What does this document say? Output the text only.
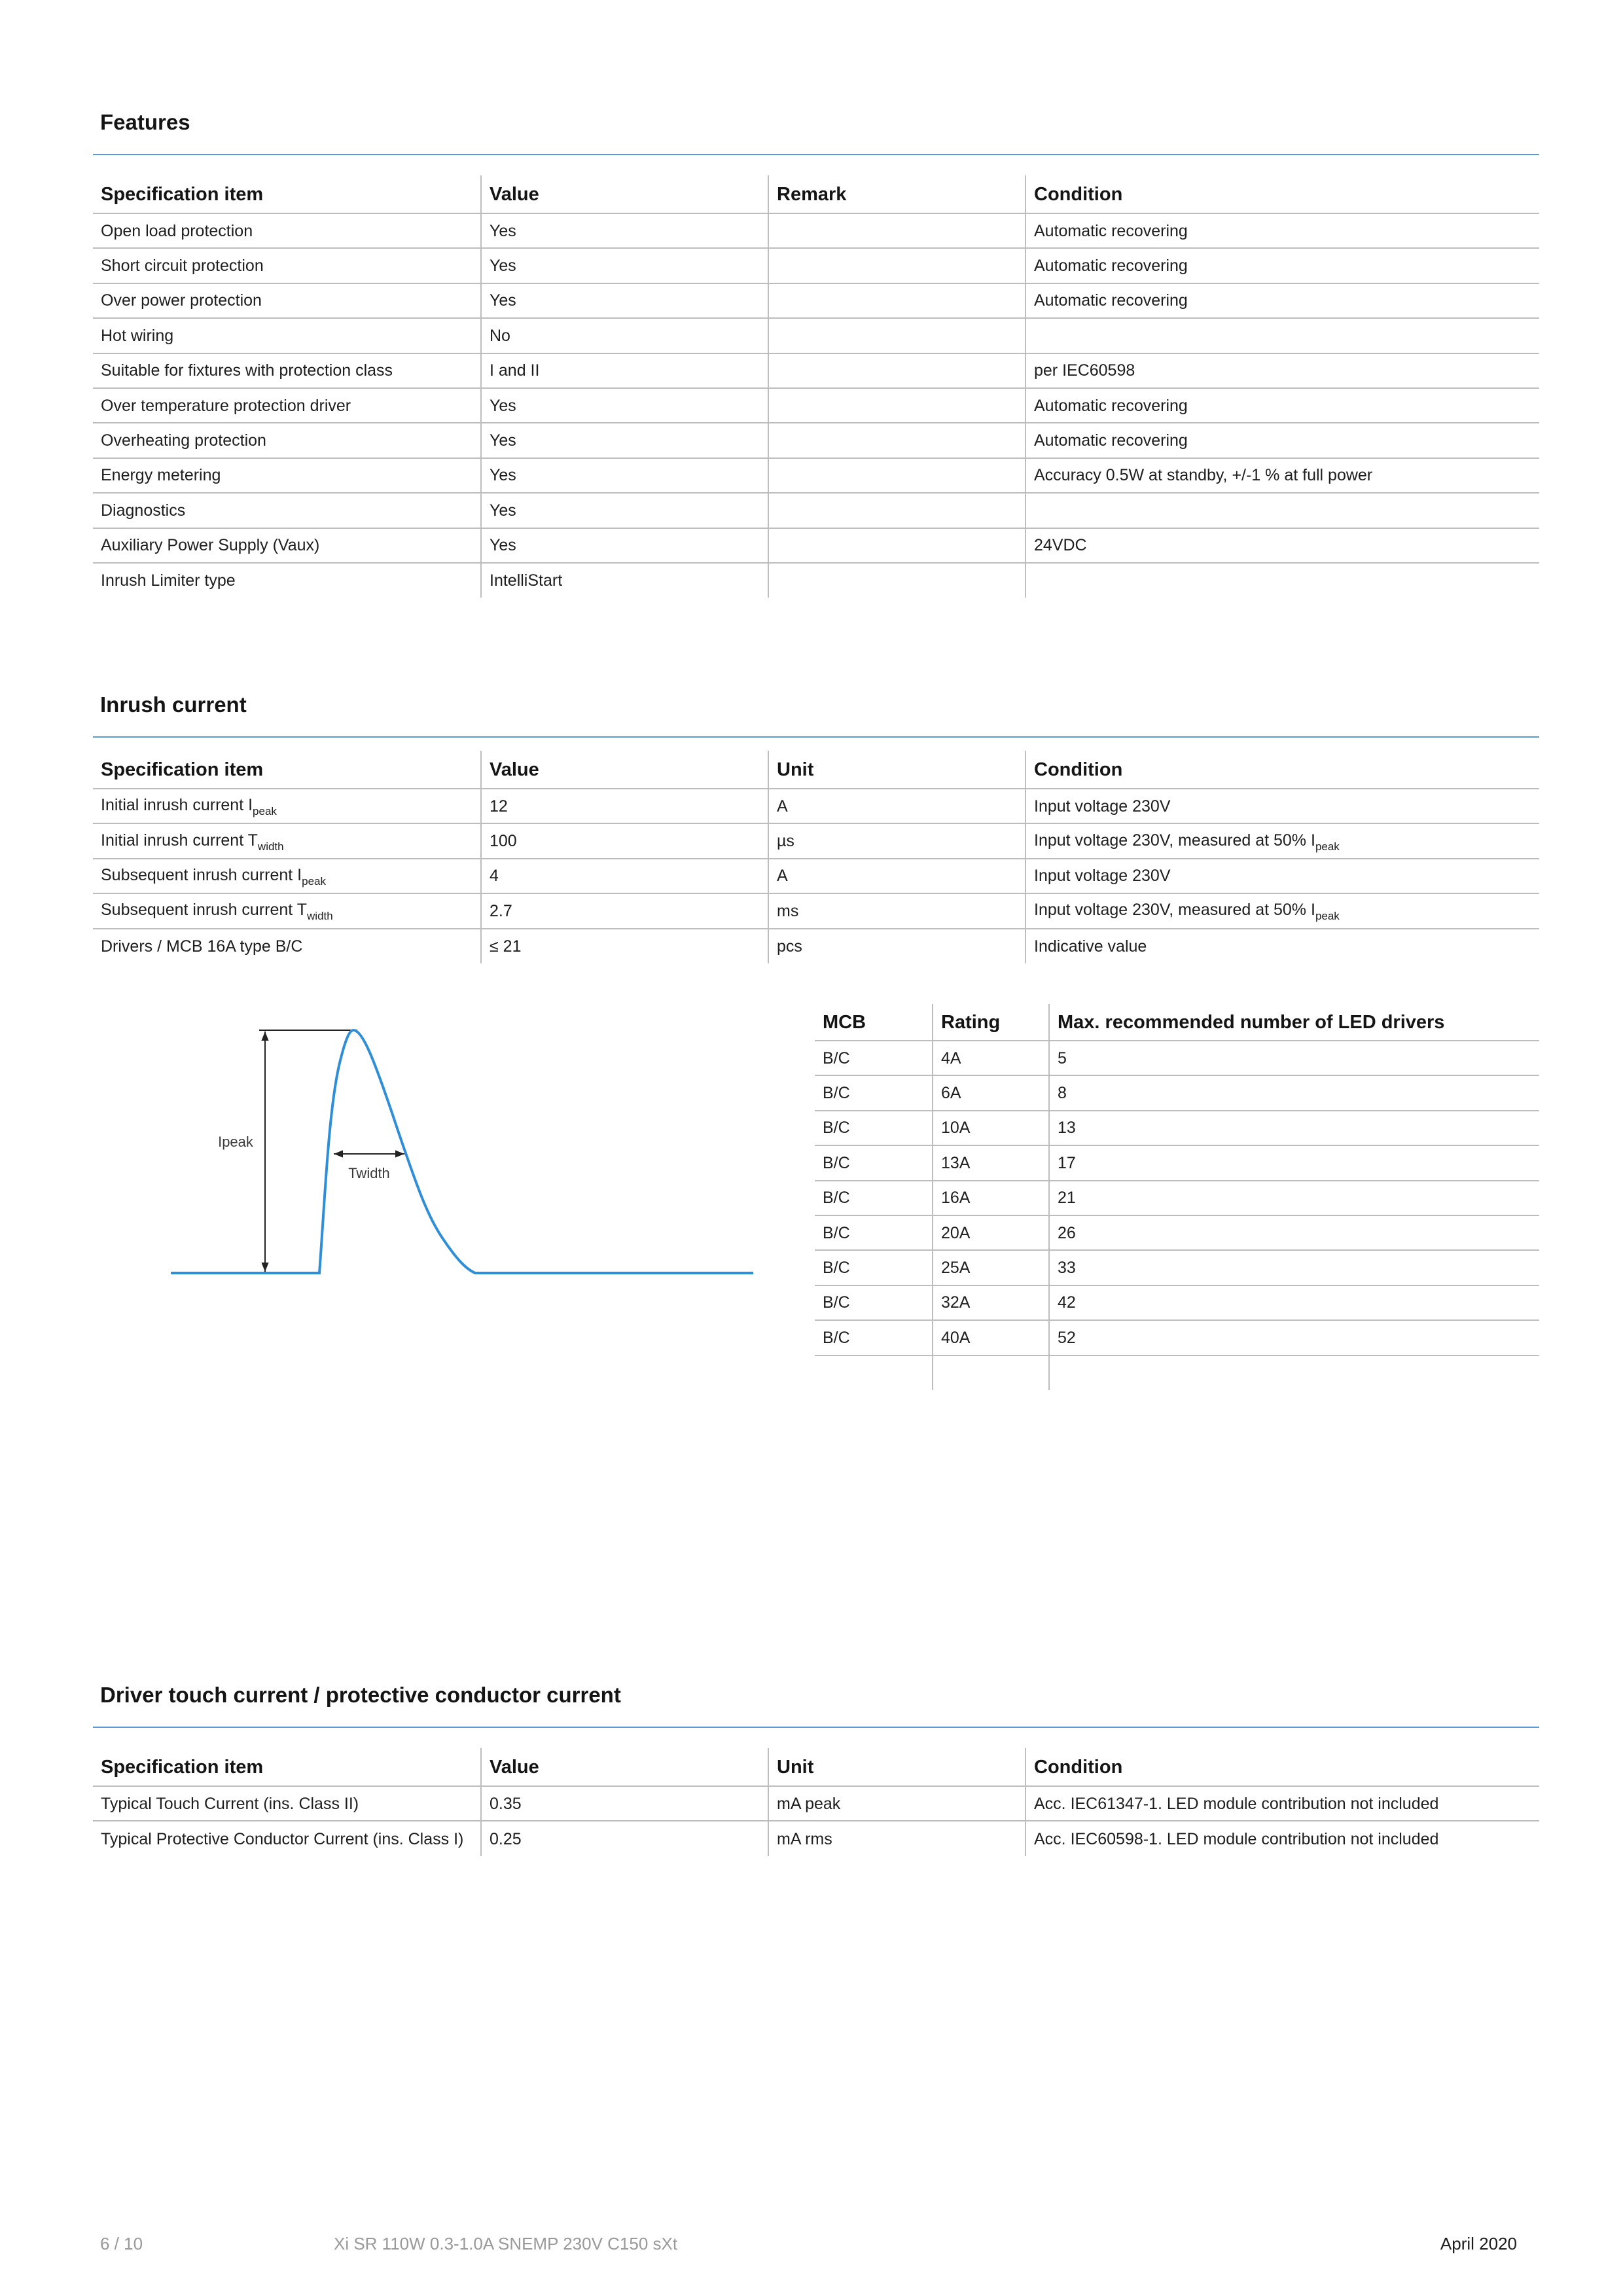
Features
Specification item	Value	Remark	Condition
Open load protection	Yes		Automatic recovering
Short circuit protection	Yes		Automatic recovering
Over power protection	Yes		Automatic recovering
Hot wiring	No		
Suitable for fixtures with protection class	I and II		per IEC60598
Over temperature protection driver	Yes		Automatic recovering
Overheating protection	Yes		Automatic recovering
Energy metering	Yes		Accuracy 0.5W at standby, +/-1 % at full power
Diagnostics	Yes		
Auxiliary Power Supply (Vaux)	Yes		24VDC
Inrush Limiter type	IntelliStart		
Inrush current
Specification item	Value	Unit	Condition
Initial inrush current $I_{peak}$	12	A	Input voltage 230V
Initial inrush current $T_{width}$	100	µs	Input voltage 230V, measured at 50% $I_{peak}$
Subsequent inrush current $I_{peak}$	4	A	Input voltage 230V
Subsequent inrush current $T_{width}$	2.7	ms	Input voltage 230V, measured at 50% $I_{peak}$
Drivers / MCB 16A type B/C	≤ 21	pcs	Indicative value
Ipeak
Twidth
MCB	Rating	Max. recommended number of LED drivers
B/C	4A	5
B/C	6A	8
B/C	10A	13
B/C	13A	17
B/C	16A	21
B/C	20A	26
B/C	25A	33
B/C	32A	42
B/C	40A	52

Driver touch current / protective conductor current
Specification item	Value	Unit	Condition
Typical Touch Current (ins. Class II)	0.35	mA peak	Acc. IEC61347-1. LED module contribution not included
Typical Protective Conductor Current (ins. Class I)	0.25	mA rms	Acc. IEC60598-1. LED module contribution not included
6 / 10	Xi SR 110W 0.3-1.0A SNEMP 230V C150 sXt	April 2020
